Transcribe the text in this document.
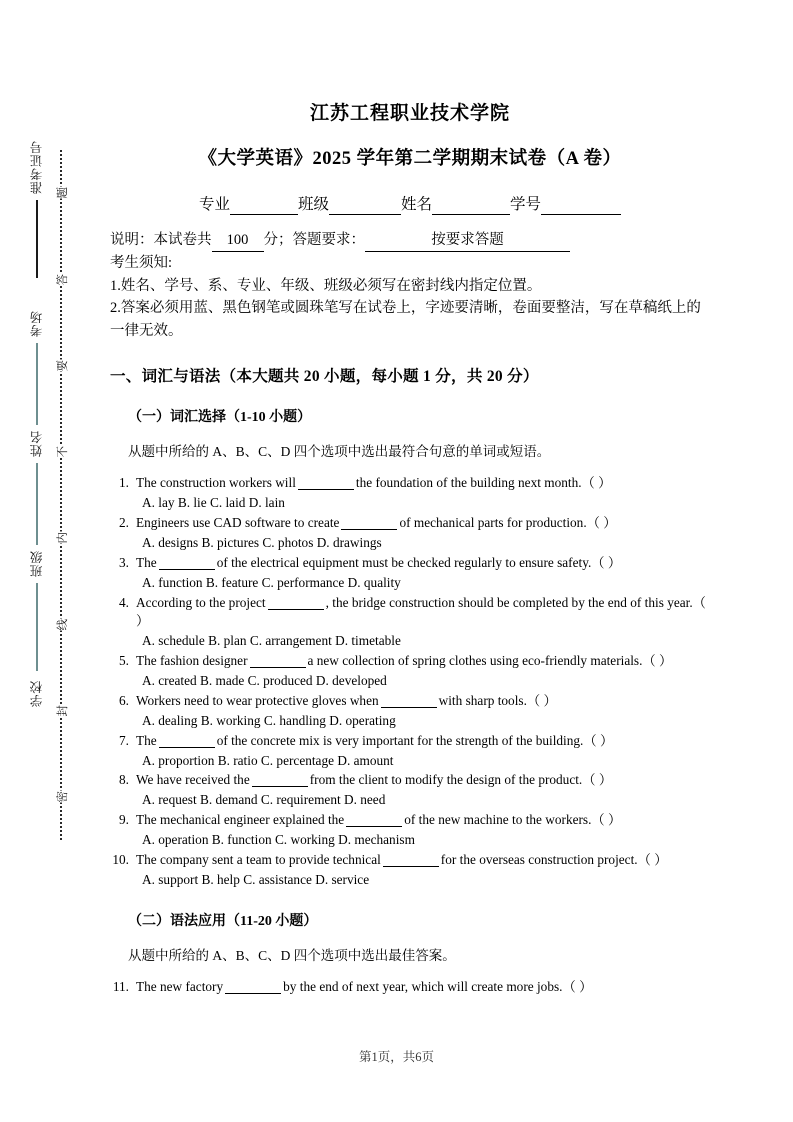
准考证号
考场
姓名
班级
学校
题
答
要
不
内
线
封
密
江苏工程职业技术学院
《大学英语》2025 学年第二学期期末试卷（A 卷）
专业	班级	姓名	学号
说明：本试卷共 100 分；答题要求：	按要求答题
考生须知:
1.姓名、学号、系、专业、年级、班级必须写在密封线内指定位置。
2.答案必须用蓝、黑色钢笔或圆珠笔写在试卷上，字迹要清晰，卷面要整洁，写在草稿纸上的一律无效。
一、词汇与语法（本大题共 20 小题，每小题 1 分，共 20 分）
（一）词汇选择（1-10 小题）
从题中所给的 A、B、C、D 四个选项中选出最符合句意的单词或短语。
1. The construction workers will	the foundation of the building next month.（ ）
A. lay B. lie C. laid D. lain
2. Engineers use CAD software to create	of mechanical parts for production.（ ）
A. designs B. pictures C. photos D. drawings
3. The	of the electrical equipment must be checked regularly to ensure safety.（ ）
A. function B. feature C. performance D. quality
4. According to the project	, the bridge construction should be completed by the end of this year.（ ）
A. schedule B. plan C. arrangement D. timetable
5. The fashion designer	a new collection of spring clothes using eco-friendly materials.（ ）
A. created B. made C. produced D. developed
6. Workers need to wear protective gloves when	with sharp tools.（ ）
A. dealing B. working C. handling D. operating
7. The	of the concrete mix is very important for the strength of the building.（ ）
A. proportion B. ratio C. percentage D. amount
8. We have received the	from the client to modify the design of the product.（ ）
A. request B. demand C. requirement D. need
9. The mechanical engineer explained the	of the new machine to the workers.（ ）
A. operation B. function C. working D. mechanism
10. The company sent a team to provide technical	for the overseas construction project.（ ）
A. support B. help C. assistance D. service
（二）语法应用（11-20 小题）
从题中所给的 A、B、C、D 四个选项中选出最佳答案。
11. The new factory	by the end of next year, which will create more jobs.（ ）
第1页，共6页
